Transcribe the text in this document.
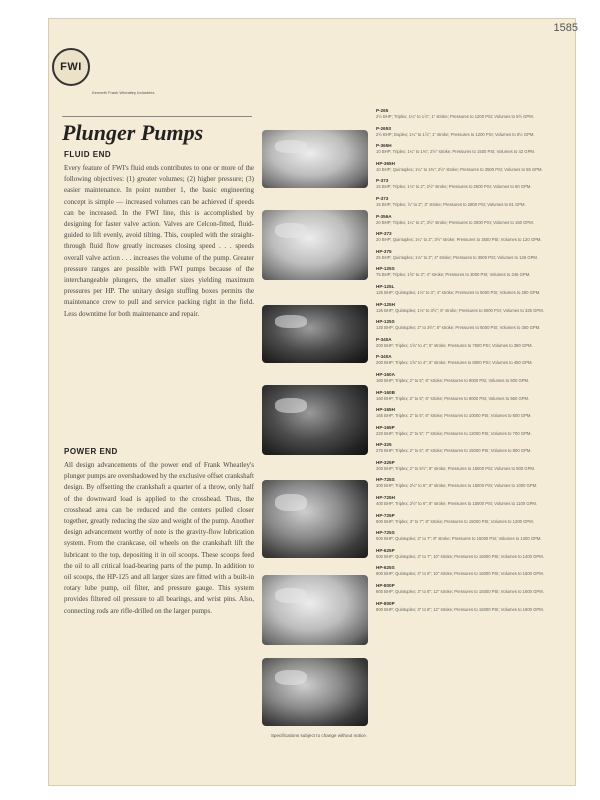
1585
FWI
Kenneth Frank Wheatley Industries
Plunger Pumps
FLUID END
Every feature of FWI's fluid ends contributes to one or more of the following objectives: (1) greater volumes; (2) higher pressure; (3) easier maintenance. In point number 1, the basic engineering concept is simple — increased volumes can be achieved if speeds can be increased. In the FWI line, this is accomplished by designing for faster valve action. Valves are Celcon-fitted, fluid-guided to lift evenly, avoid tilting. This, coupled with the straight-through fluid flow greatly increases closing speed . . . speeds overall valve action . . . increases the volume of the pump. Greater pressure ranges are possible with FWI pumps because of the interchangeable plungers, the smaller sizes yielding maximum pressures per HP. The unitary design stuffing boxes permits the maintenance crew to pull and service packing right in the field. Less downtime for both maintenance and repair.
POWER END
All design advancements of the power end of Frank Wheatley's plunger pumps are overshadowed by the exclusive offset crankshaft design. By offsetting the crankshaft a quarter of a throw, only half of the downward load is applied to the crosshead. Thus, the crosshead area can be reduced and the centers pulled closer together, greatly reducing the size and weight of the pump. Another design advancement worthy of note is the gravity-flow lubrication system. From the crankcase, oil wheels on the crankshaft lift the lubricant to the top, depositing it in oil scoops. These scoops feed the oil to all critical load-bearing parts of the pump. In addition to oil scoops, the HP-125 and all larger sizes are fitted with a built-in rotary lube pump, oil filter, and pressure gauge. This system provides filtered oil pressure to all bearings, and wrist pins. Also, connecting rods are rifle-drilled on the larger pumps.
Specifications subject to change without notice.
P-265
2½ BHP; Triplex; 1¼" to 1⅞"; 1" stroke; Pressures to 1200 PSI; Volumes to 9½ GPM.
P-265S
2½ BHP; Duplex; 1¼" to 1⅞"; 1" stroke; Pressures to 1200 PSI; Volumes to 6½ GPM.
P-365H
10 BHP; Triplex; 1¼" to 1⅜"; 2½" stroke; Pressures to 1500 PSI; Volumes to 42 GPM.
HP-365H
10 BHP; Quintuplex; 1¼" to 1⅜"; 2½" stroke; Pressures to 3500 PSI; Volumes to 55 GPM.
P-373
15 BHP; Triplex; 1⅛" to 2"; 2½" stroke; Pressures to 2500 PSI; Volumes to 60 GPM.
P-373
15 BHP; Triplex; ⅞" to 2"; 3" stroke; Pressures to 2800 PSI; Volumes to 81 GPM.
P-356A
20 BHP; Triplex; 1¼" to 2"; 3½" stroke; Pressures to 3000 PSI; Volumes to 150 GPM.
HP-373
20 BHP; Quintuplex; 1¼" to 2"; 3½" stroke; Pressures to 3500 PSI; Volumes to 120 GPM.
HP-375
25 BHP; Quintuplex; 1⅛" to 2"; 4" stroke; Pressures to 3500 PSI; Volumes to 126 GPM.
HP-125S
75 BHP; Triplex; 1⅝" to 3"; 4" stroke; Pressures to 3000 PSI; Volumes to 245 GPM.
HP-125L
125 BHP; Quintuplex; 1⅛" to 3"; 4" stroke; Pressures to 5000 PSI; Volumes to 280 GPM.
HP-125H
125 BHP; Quintuplex; 1⅛" to 3½"; 5" stroke; Pressures to 5000 PSI; Volumes to 325 GPM.
HP-125S
125 BHP; Quintuplex; 2" to 3½"; 5" stroke; Pressures to 5000 PSI; Volumes to 350 GPM.
P-340A
200 BHP; Triplex; 1⅝" to 4"; 5" stroke; Pressures to 7500 PSI; Volumes to 380 GPM.
P-340A
200 BHP; Triplex; 1⅝" to 4"; 6" stroke; Pressures to 8000 PSI; Volumes to 450 GPM.
HP-160A
160 BHP; Triplex; 2" to 5"; 6" stroke; Pressures to 9000 PSI; Volumes to 500 GPM.
HP-160B
160 BHP; Triplex; 2" to 5"; 6" stroke; Pressures to 9000 PSI; Volumes to 560 GPM.
HP-165H
165 BHP; Triplex; 2" to 5"; 6" stroke; Pressures to 10000 PSI; Volumes to 600 GPM.
HP-165P
220 BHP; Triplex; 2" to 5"; 7" stroke; Pressures to 12000 PSI; Volumes to 700 GPM.
HP-325
275 BHP; Triplex; 2" to 5"; 8" stroke; Pressures to 15000 PSI; Volumes to 800 GPM.
HP-325P
300 BHP; Triplex; 2" to 5½"; 8" stroke; Pressures to 15000 PSI; Volumes to 900 GPM.
HP-725S
300 BHP; Triplex; 2½" to 6"; 8" stroke; Pressures to 15000 PSI; Volumes to 1000 GPM.
HP-725H
400 BHP; Triplex; 2½" to 6"; 8" stroke; Pressures to 15000 PSI; Volumes to 1100 GPM.
HP-725P
500 BHP; Triplex; 3" to 7"; 8" stroke; Pressures to 15000 PSI; Volumes to 1200 GPM.
HP-725S
500 BHP; Quintuplex; 3" to 7"; 8" stroke; Pressures to 15000 PSI; Volumes to 1300 GPM.
HP-625P
500 BHP; Quintuplex; 3" to 7"; 10" stroke; Pressures to 15000 PSI; Volumes to 1400 GPM.
HP-625S
800 BHP; Quintuplex; 3" to 8"; 10" stroke; Pressures to 15000 PSI; Volumes to 1500 GPM.
HP-800P
800 BHP; Quintuplex; 3" to 8"; 12" stroke; Pressures to 15000 PSI; Volumes to 1600 GPM.
HP-800P
800 BHP; Quintuplex; 3" to 8"; 12" stroke; Pressures to 15000 PSI; Volumes to 1800 GPM.
